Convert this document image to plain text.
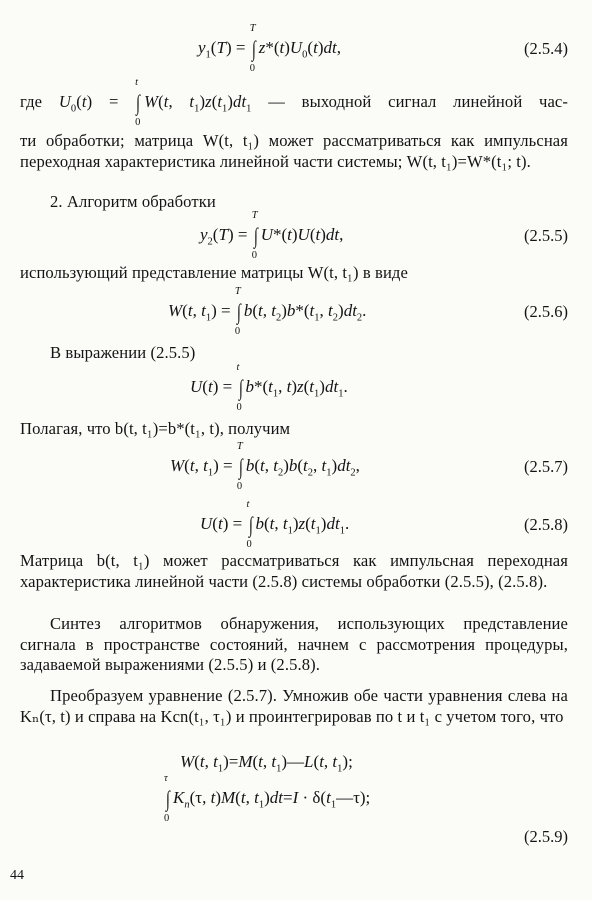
$y_1(T)$ =
T
∫
0
$z*(t)U_0(t)dt$,	(2.5.4)
где $U_0(t)$ =
t
∫
0
W(t, $t_1)z(t_1)dt_1$ — выходной сигнал линейной час-

ти обработки; матрица W(t, t₁) может рассматриваться как импульсная переходная характеристика линейной части системы; W(t, t₁)=W*(t₁; t).

2. Алгоритм обработки

$y_2(T)$ =
T
∫
0
U*(t)U(t)dt,	(2.5.5)

использующий представление матрицы W(t, t₁) в виде

W(t, $t_1$) =
T
∫
0
b(t, $t_2)b*(t_1$, $t_2)dt_2$.	(2.5.6)

В выражении (2.5.5)

U(t) =
t
∫
0
$b*(t_1$, $t)z(t_1)dt_1$.

Полагая, что b(t, t₁)=b*(t₁, t), получим

W(t, $t_1$) =
T
∫
0
b(t, $t_2)b(t_2$, $t_1)dt_2$,	(2.5.7)
U(t) =
t
∫
0
b(t, $t_1)z(t_1)dt_1$.	(2.5.8)

Матрица b(t, t₁) может рассматриваться как импульсная переходная характеристика линейной части (2.5.8) системы обработки (2.5.5), (2.5.8).

Синтез алгоритмов обнаружения, использующих представление сигнала в пространстве состояний, начнем с рассмотрения процедуры, задаваемой выражениями (2.5.5) и (2.5.8).

Преобразуем уравнение (2.5.7). Умножив обе части уравнения слева на Kₙ(τ, t) и справа на Kcn(t₁, τ₁) и проинтегрировав по t и t₁ с учетом того, что

W(t, $t_1)=M(t$, $t_1)—L(t$, $t_1$);
τ
∫
0
$K_n(\tau$, t)M(t, $t_1)dt=I$ · $\delta(t_1—\tau)$;
(2.5.9)
44
